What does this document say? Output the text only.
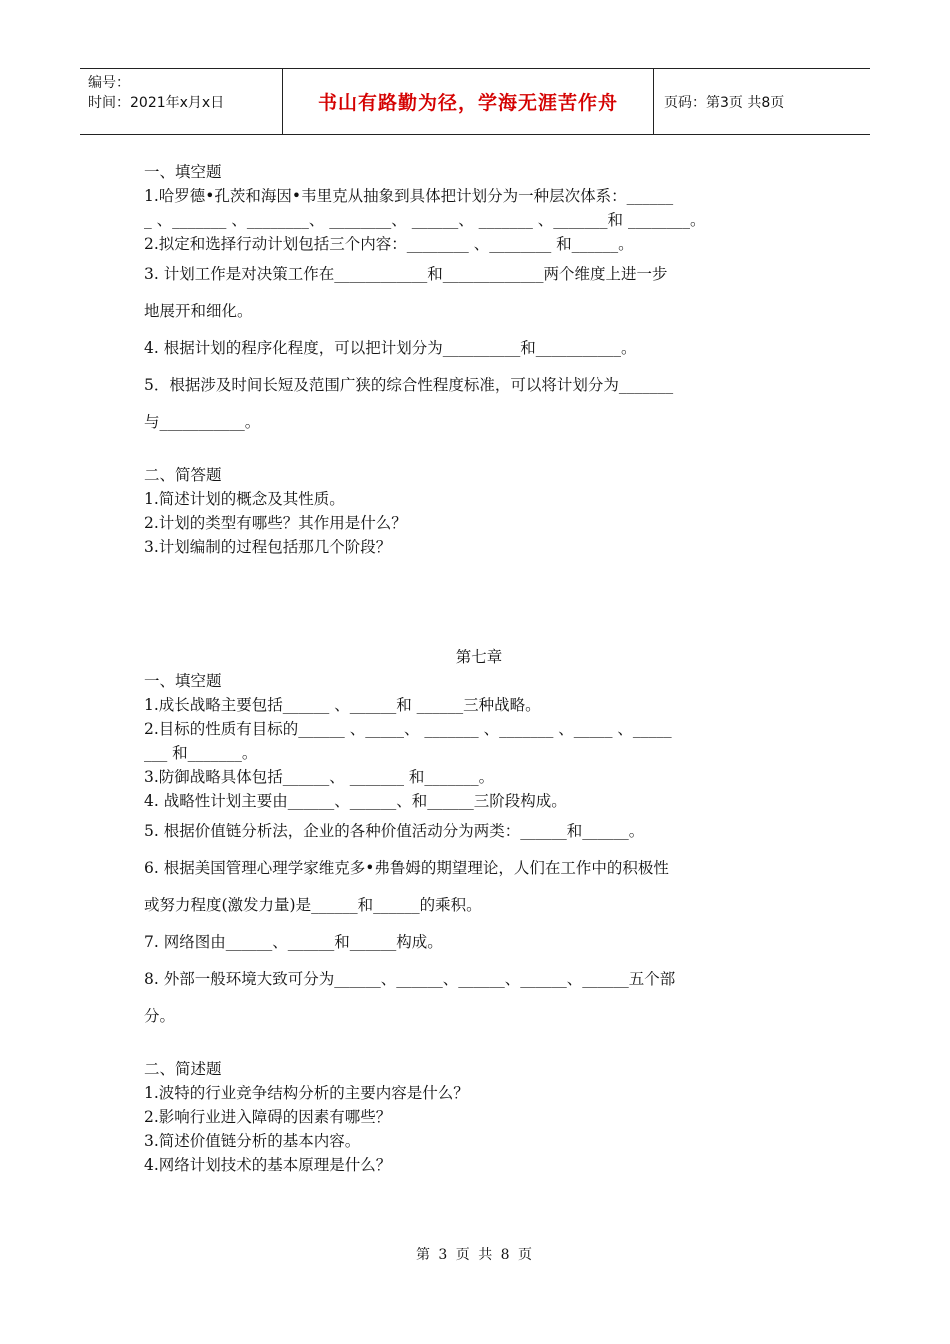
编号：
时间：2021年x月x日	书山有路勤为径，学海无涯苦作舟	页码：第3页 共8页
一、填空题
1.哈罗德•孔茨和海因•韦里克从抽象到具体把计划分为一种层次体系：______
_ 、_______ 、________、 ________、 ______、 _______ 、_______和 ________。
2.拟定和选择行动计划包括三个内容：________ 、________ 和______。
3. 计划工作是对决策工作在____________和_____________两个维度上进一步
地展开和细化。
4. 根据计划的程序化程度，可以把计划分为__________和___________。
5．根据涉及时间长短及范围广狭的综合性程度标准，可以将计划分为_______
与___________。
二、简答题
1.简述计划的概念及其性质。
2.计划的类型有哪些？其作用是什么？
3.计划编制的过程包括那几个阶段？
第七章
一、填空题
1.成长战略主要包括______ 、______和 ______三种战略。
2.目标的性质有目标的______ 、_____、 _______ 、_______ 、_____ 、_____
___ 和_______。
3.防御战略具体包括______、 _______ 和_______。
4. 战略性计划主要由______、______、和______三阶段构成。
5. 根据价值链分析法，企业的各种价值活动分为两类：______和______。
6. 根据美国管理心理学家维克多•弗鲁姆的期望理论，人们在工作中的积极性
或努力程度(激发力量)是______和______的乘积。
7. 网络图由______、______和______构成。
8. 外部一般环境大致可分为______、______、______、______、______五个部
分。
二、简述题
1.波特的行业竞争结构分析的主要内容是什么？
2.影响行业进入障碍的因素有哪些？
3.简述价值链分析的基本内容。
4.网络计划技术的基本原理是什么？
第 3 页 共 8 页
